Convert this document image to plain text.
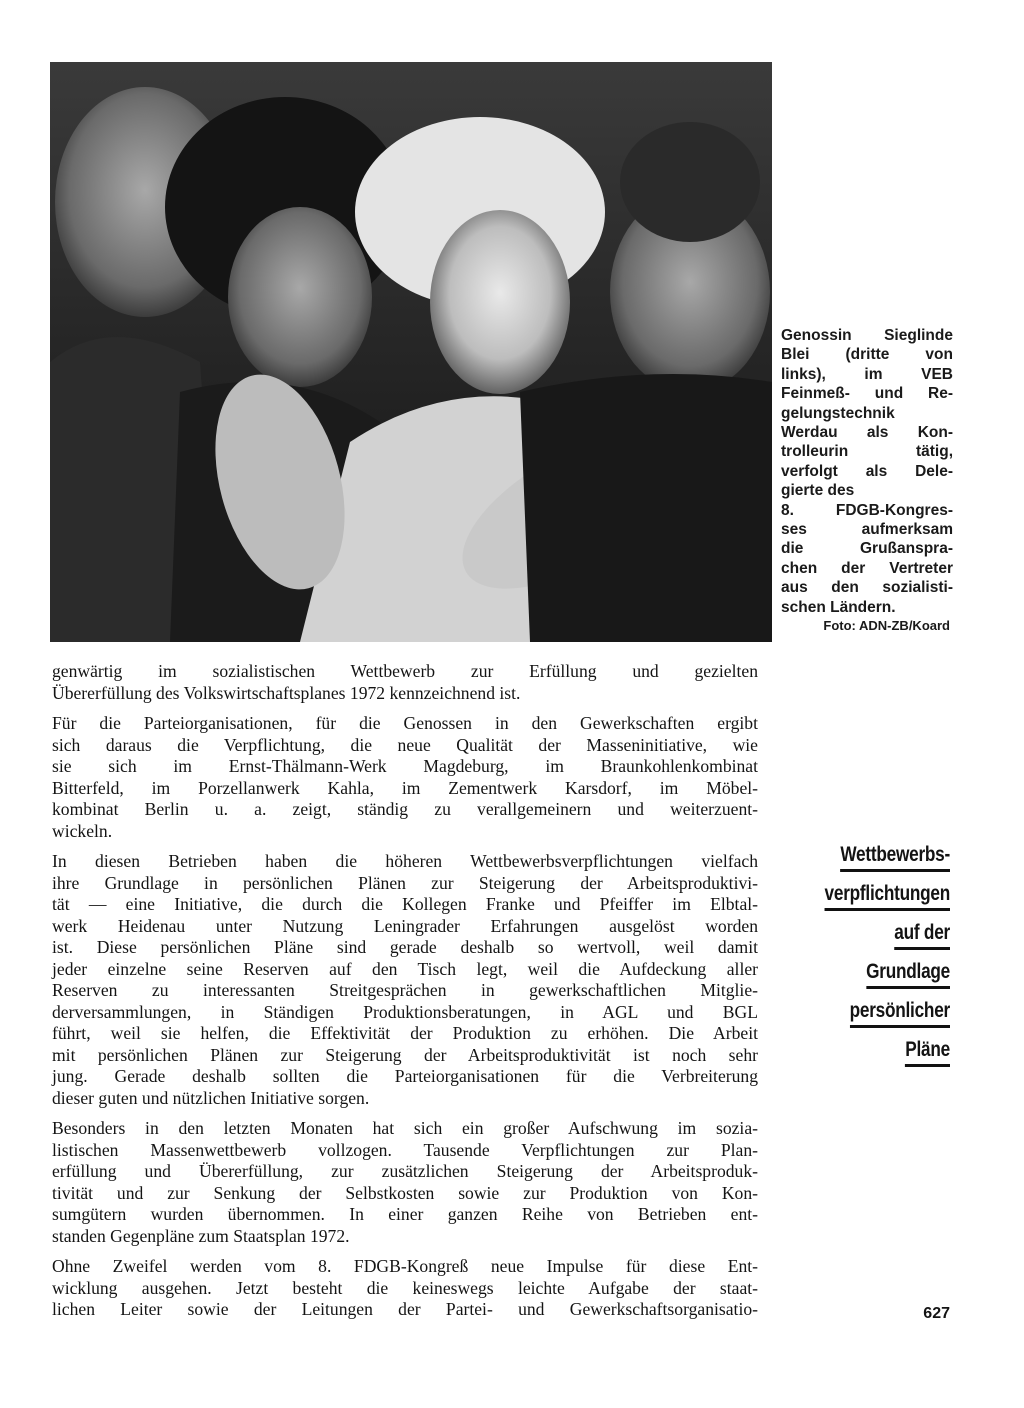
Genossin Sieglinde
Blei (dritte von
links), im VEB
Feinmeß- und Re-
gelungstechnik
Werdau als Kon-
trolleurin tätig,
verfolgt als Dele-
gierte des
8. FDGB-Kongres-
ses aufmerksam
die Grußanspra-
chen der Vertreter
aus den sozialisti-
schen Ländern.
Foto: ADN-ZB/Koard

genwärtig im sozialistischen Wettbewerb zur Erfüllung und gezielten
Übererfüllung des Volkswirtschaftsplanes 1972 kennzeichnend ist.

Für die Parteiorganisationen, für die Genossen in den Gewerkschaften ergibt
sich daraus die Verpflichtung, die neue Qualität der Masseninitiative, wie
sie sich im Ernst-Thälmann-Werk Magdeburg, im Braunkohlenkombinat
Bitterfeld, im Porzellanwerk Kahla, im Zementwerk Karsdorf, im Möbel-
kombinat Berlin u. a. zeigt, ständig zu verallgemeinern und weiterzuent-
wickeln.

In diesen Betrieben haben die höheren Wettbewerbsverpflichtungen vielfach
ihre Grundlage in persönlichen Plänen zur Steigerung der Arbeitsproduktivi-
tät — eine Initiative, die durch die Kollegen Franke und Pfeiffer im Elbtal-
werk Heidenau unter Nutzung Leningrader Erfahrungen ausgelöst worden
ist. Diese persönlichen Pläne sind gerade deshalb so wertvoll, weil damit
jeder einzelne seine Reserven auf den Tisch legt, weil die Aufdeckung aller
Reserven zu interessanten Streitgesprächen in gewerkschaftlichen Mitglie-
derversammlungen, in Ständigen Produktionsberatungen, in AGL und BGL
führt, weil sie helfen, die Effektivität der Produktion zu erhöhen. Die Arbeit
mit persönlichen Plänen zur Steigerung der Arbeitsproduktivität ist noch sehr
jung. Gerade deshalb sollten die Parteiorganisationen für die Verbreiterung
dieser guten und nützlichen Initiative sorgen.

Besonders in den letzten Monaten hat sich ein großer Aufschwung im sozia-
listischen Massenwettbewerb vollzogen. Tausende Verpflichtungen zur Plan-
erfüllung und Übererfüllung, zur zusätzlichen Steigerung der Arbeitsproduk-
tivität und zur Senkung der Selbstkosten sowie zur Produktion von Kon-
sumgütern wurden übernommen. In einer ganzen Reihe von Betrieben ent-
standen Gegenpläne zum Staatsplan 1972.

Ohne Zweifel werden vom 8. FDGB-Kongreß neue Impulse für diese Ent-
wicklung ausgehen. Jetzt besteht die keineswegs leichte Aufgabe der staat-
lichen Leiter sowie der Leitungen der Partei- und Gewerkschaftsorganisatio-

Wettbewerbs-
verpflichtungen
auf der
Grundlage
persönlicher
Pläne
627
